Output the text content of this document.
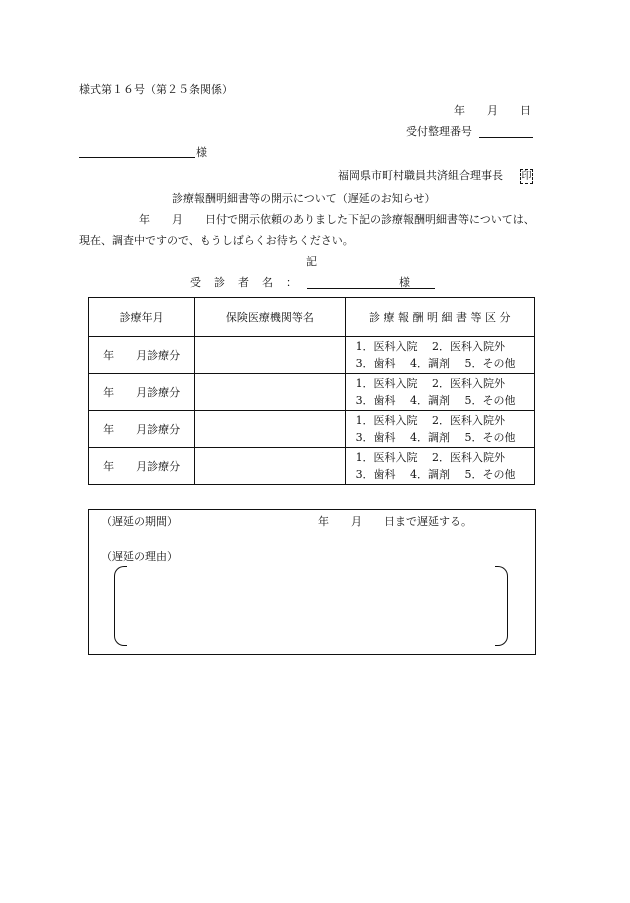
様式第１６号（第２５条関係）
年　　月　　日
受付整理番号
様
福岡県市町村職員共済組合理事長 印
診療報酬明細書等の開示について（遅延のお知らせ）
年　　月　　日付で開示依頼のありました下記の診療報酬明細書等については、
現在、調査中ですので、もうしばらくお待ちください。
記
受　診　者　名　：	様
診療年月	保険医療機関等名	診 療 報 酬 明 細 書 等 区 分
年　　月診療分		1．医科入院　 2．医科入院外
3．歯科　 4．調剤　 5．その他

年　　月診療分		1．医科入院　 2．医科入院外
3．歯科　 4．調剤　 5．その他

年　　月診療分		1．医科入院　 2．医科入院外
3．歯科　 4．調剤　 5．その他

年　　月診療分		1．医科入院　 2．医科入院外
3．歯科　 4．調剤　 5．その他
（遅延の期間）	年　　月　　日まで遅延する。
（遅延の理由）
